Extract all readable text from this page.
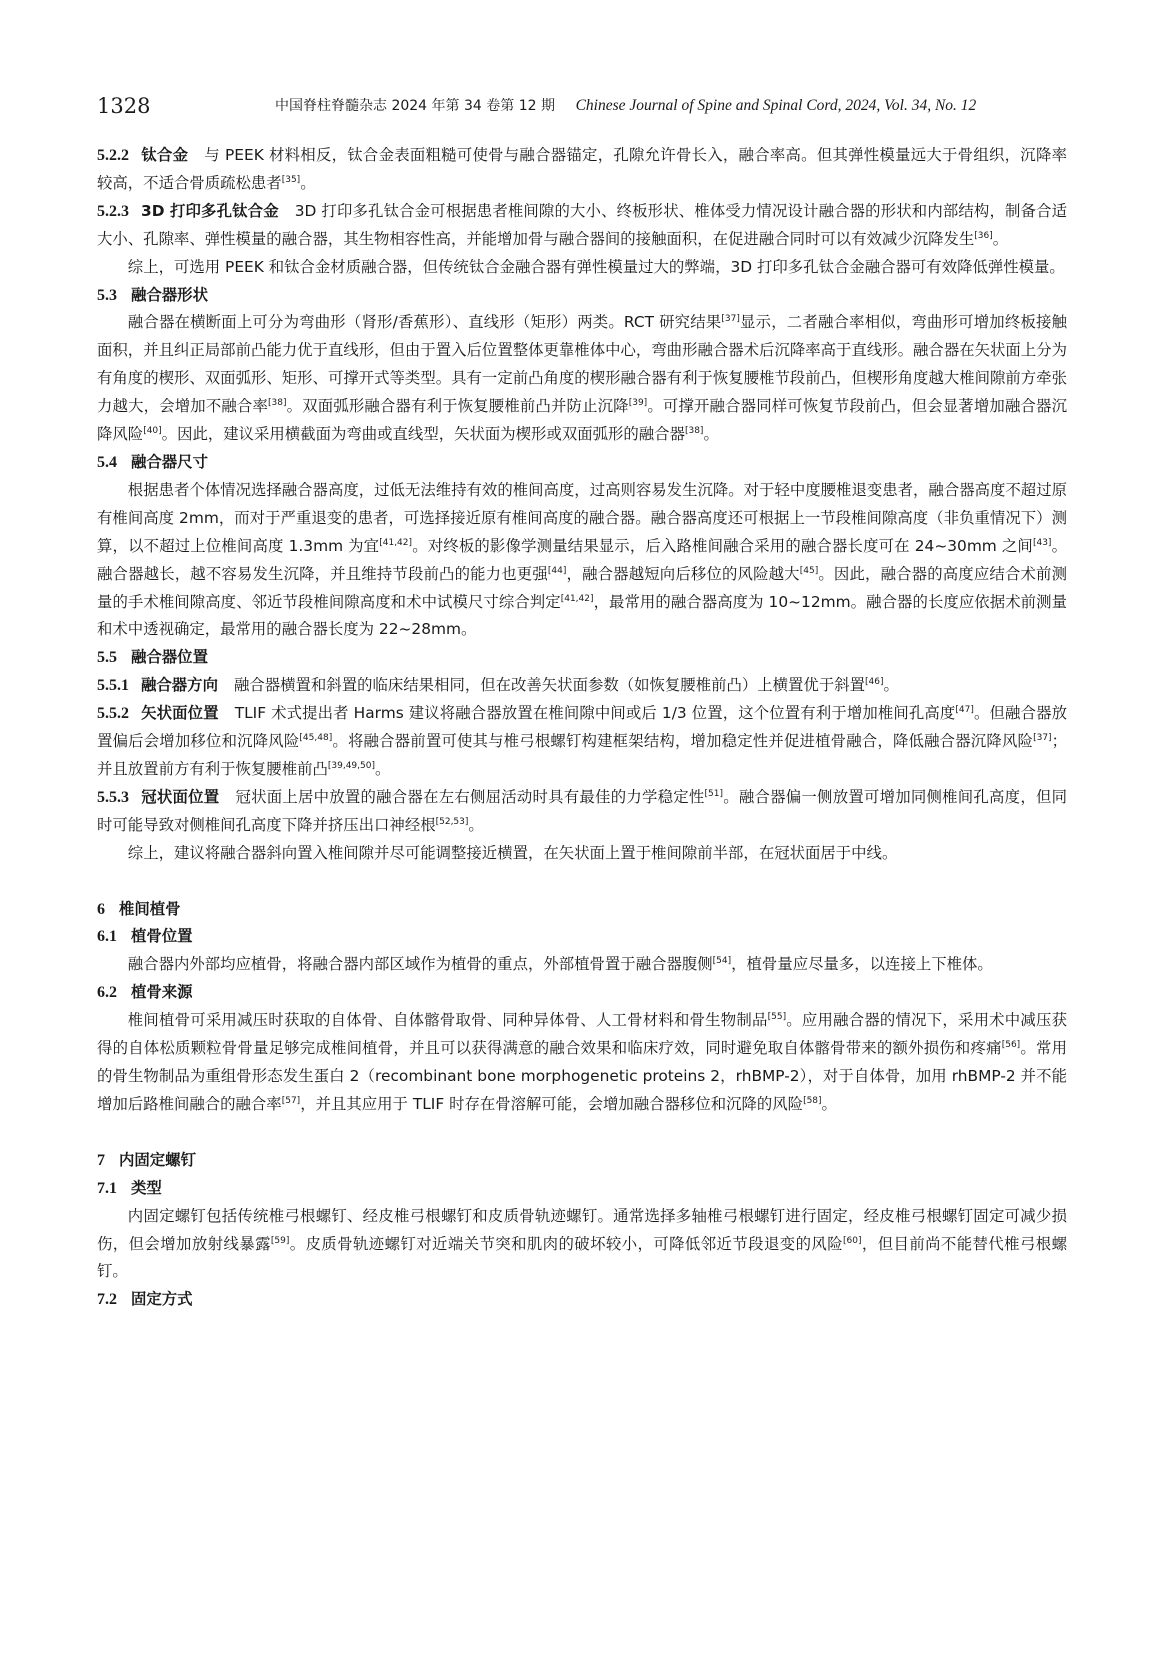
1328	中国脊柱脊髓杂志 2024 年第 34 卷第 12 期 Chinese Journal of Spine and Spinal Cord, 2024, Vol. 34, No. 12

5.2.2 钛合金 与 PEEK 材料相反，钛合金表面粗糙可使骨与融合器锚定，孔隙允许骨长入，融合率高。但其弹性模量远大于骨组织，沉降率较高，不适合骨质疏松患者[35]。

5.2.3 3D 打印多孔钛合金 3D 打印多孔钛合金可根据患者椎间隙的大小、终板形状、椎体受力情况设计融合器的形状和内部结构，制备合适大小、孔隙率、弹性模量的融合器，其生物相容性高，并能增加骨与融合器间的接触面积，在促进融合同时可以有效减少沉降发生[36]。

综上，可选用 PEEK 和钛合金材质融合器，但传统钛合金融合器有弹性模量过大的弊端，3D 打印多孔钛合金融合器可有效降低弹性模量。

5.3 融合器形状

融合器在横断面上可分为弯曲形（肾形/香蕉形）、直线形（矩形）两类。RCT 研究结果[37]显示，二者融合率相似，弯曲形可增加终板接触面积，并且纠正局部前凸能力优于直线形，但由于置入后位置整体更靠椎体中心，弯曲形融合器术后沉降率高于直线形。融合器在矢状面上分为有角度的楔形、双面弧形、矩形、可撑开式等类型。具有一定前凸角度的楔形融合器有利于恢复腰椎节段前凸，但楔形角度越大椎间隙前方牵张力越大，会增加不融合率[38]。双面弧形融合器有利于恢复腰椎前凸并防止沉降[39]。可撑开融合器同样可恢复节段前凸，但会显著增加融合器沉降风险[40]。因此，建议采用横截面为弯曲或直线型，矢状面为楔形或双面弧形的融合器[38]。

5.4 融合器尺寸

根据患者个体情况选择融合器高度，过低无法维持有效的椎间高度，过高则容易发生沉降。对于轻中度腰椎退变患者，融合器高度不超过原有椎间高度 2mm，而对于严重退变的患者，可选择接近原有椎间高度的融合器。融合器高度还可根据上一节段椎间隙高度（非负重情况下）测算，以不超过上位椎间高度 1.3mm 为宜[41,42]。对终板的影像学测量结果显示，后入路椎间融合采用的融合器长度可在 24~30mm 之间[43]。融合器越长，越不容易发生沉降，并且维持节段前凸的能力也更强[44]，融合器越短向后移位的风险越大[45]。因此，融合器的高度应结合术前测量的手术椎间隙高度、邻近节段椎间隙高度和术中试模尺寸综合判定[41,42]，最常用的融合器高度为 10~12mm。融合器的长度应依据术前测量和术中透视确定，最常用的融合器长度为 22~28mm。

5.5 融合器位置

5.5.1 融合器方向 融合器横置和斜置的临床结果相同，但在改善矢状面参数（如恢复腰椎前凸）上横置优于斜置[46]。

5.5.2 矢状面位置 TLIF 术式提出者 Harms 建议将融合器放置在椎间隙中间或后 1/3 位置，这个位置有利于增加椎间孔高度[47]。但融合器放置偏后会增加移位和沉降风险[45,48]。将融合器前置可使其与椎弓根螺钉构建框架结构，增加稳定性并促进植骨融合，降低融合器沉降风险[37]；并且放置前方有利于恢复腰椎前凸[39,49,50]。

5.5.3 冠状面位置 冠状面上居中放置的融合器在左右侧屈活动时具有最佳的力学稳定性[51]。融合器偏一侧放置可增加同侧椎间孔高度，但同时可能导致对侧椎间孔高度下降并挤压出口神经根[52,53]。

综上，建议将融合器斜向置入椎间隙并尽可能调整接近横置，在矢状面上置于椎间隙前半部，在冠状面居于中线。

6 椎间植骨

6.1 植骨位置

融合器内外部均应植骨，将融合器内部区域作为植骨的重点，外部植骨置于融合器腹侧[54]，植骨量应尽量多，以连接上下椎体。

6.2 植骨来源

椎间植骨可采用减压时获取的自体骨、自体髂骨取骨、同种异体骨、人工骨材料和骨生物制品[55]。应用融合器的情况下，采用术中减压获得的自体松质颗粒骨骨量足够完成椎间植骨，并且可以获得满意的融合效果和临床疗效，同时避免取自体髂骨带来的额外损伤和疼痛[56]。常用的骨生物制品为重组骨形态发生蛋白 2（recombinant bone morphogenetic proteins 2，rhBMP-2），对于自体骨，加用 rhBMP-2 并不能增加后路椎间融合的融合率[57]，并且其应用于 TLIF 时存在骨溶解可能，会增加融合器移位和沉降的风险[58]。

7 内固定螺钉

7.1 类型

内固定螺钉包括传统椎弓根螺钉、经皮椎弓根螺钉和皮质骨轨迹螺钉。通常选择多轴椎弓根螺钉进行固定，经皮椎弓根螺钉固定可减少损伤，但会增加放射线暴露[59]。皮质骨轨迹螺钉对近端关节突和肌肉的破坏较小，可降低邻近节段退变的风险[60]，但目前尚不能替代椎弓根螺钉。

7.2 固定方式
